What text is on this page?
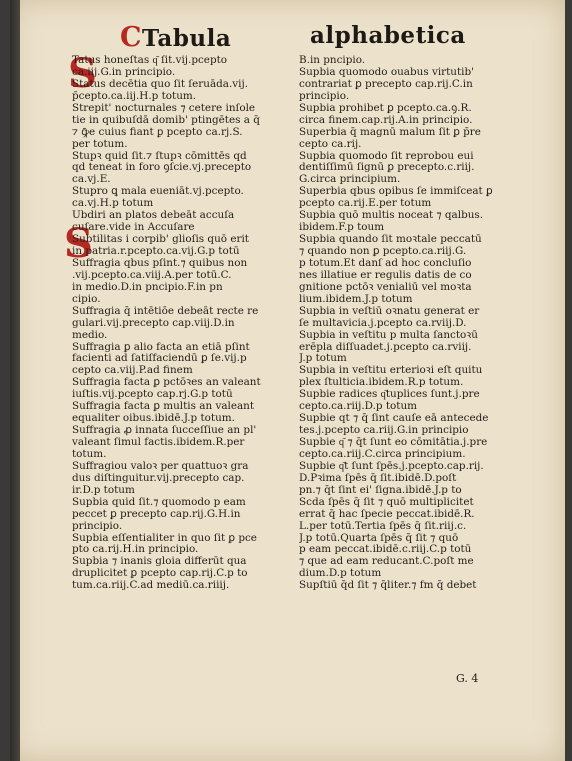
CTabula	alphabetica
S
S
Tatus honeſtas q͂ ſit.vij.pcepto
ca.iij.G.in principio.
Status decētia quo ſit ſeruāda.vij.
p̄cepto.ca.iij.H.p totum.
Strepit' nocturnales ⁊ cetere inſole
tie in quibuſdā domib' ptingētes a q̄
⁊ ꝙ̄e cuius fiant ꝑ pcepto ca.rj.S.
per totum.
Stupꝛ quid ſit.⁊ ſtupꝛ cōmittēs qd
qd teneat in foro ꝯſcie.vj.precepto
ca.vj.E.
Stupro ꝗ mala eueniāt.vj.pcepto.
ca.vj.H.p totum
Ubdiri an platos debeāt accuſa
cuſare.vide in Accuſare
Subtilitas i corpib' glioſis quō erit
in patria.r.pcepto.ca.vij.G.p totū
Suffragia qbus pſint.⁊ quibus non
.vij.pcepto.ca.viij.A.per totū.C.
in medio.D.in pncipio.F.in pn
cipio.
Suffragia q̄ intētiōe debeāt recte re
gulari.vij.precepto cap.viij.D.in
medio.
Suffragia ꝑ alio facta an etiā pſint
facienti ad ſatiſfaciendū ꝑ ſe.vij.p
cepto ca.viij.P.ad finem
Suffragia facta ꝑ pctōꝛes an valeant
iuſtis.vij.pcepto cap.rj.G.p totū
Suffragia facta ꝑ multis an valeant
equaliter oibus.ibidē.J.p totum.
Suffragia ꝓ innata ſucceſſiue an pl'
valeant ſimul factis.ibidem.R.per
totum.
Suffragiou valoꝛ per quattuoꝛ gra
dus diſtinguitur.vij.precepto cap.
ir.D.p totum
Supbia quid ſit.⁊ quomodo p eam
peccet ꝑ precepto cap.rij.G.H.in
principio.
Supbia eſſentialiter in quo ſit ꝑ pce
pto ca.rij.H.in principio.
Supbia ⁊ inanis gloia differūt qua
druplicitet ꝑ pcepto cap.rij.C.p to
tum.ca.riij.C.ad mediū.ca.riiij.
B.in pncipio.
Supbia quomodo ouabus virtutib'
contrariat ꝑ precepto cap.rij.C.in
principio.
Supbia prohibet ꝑ pcepto.ca.ꝯ.R.
circa finem.cap.rij.A.in principio.
Superbia q̄ magnū malum ſit ꝑ p̄re
cepto ca.rij.
Supbia quomodo ſit reprobou eui
dentiſſimū ſignū ꝑ precepto.c.riij.
G.circa principium.
Superbia qbus opibus ſe immiſceat ꝑ
pcepto ca.rij.E.per totum
Supbia quō multis noceat ⁊ qalbus.
ibidem.F.p toum
Supbia quando ſit moꝛtale peccatū
⁊ quando non ꝑ pcepto.ca.riij.G.
p totum.Et danſ ad hoc concluſio
nes illatiue er regulis datis de co
gnitione pctōꝛ venialiū vel moꝛta
lium.ibidem.J.p totum
Supbia in veſtiū oꝛnatu generat er
ſe multavicia.j.pcepto ca.rviij.D.
Supbia in veſtitu p multa ſanctoꝛū
erēpla diſſuadet.j.pcepto ca.rviij.
J.p totum
Supbia in veſtitu erterioꝛi eſt quitu
plex ſtulticia.ibidem.R.p totum.
Supbie radices q͂tuplices ſunt.j.pre
cepto.ca.riij.D.p totum
Supbie qt ⁊ q̄ ſint cauſe eā antecede
tes.j.pcepto ca.riij.G.in principio
Supbie q͂ ⁊ q̄t ſunt eo cōmitātia.j.pre
cepto.ca.riij.C.circa principium.
Supbie q͂t ſunt ſpēs.j.pcepto.cap.rij.
D.Pꝛima ſpēs q̄ ſit.ibidē.D.poſt
pn.⁊ q̄t ſint ei' ſigna.ibidē.J.p to
Scda ſpēs q̄ ſit ⁊ quō multiplicitet
errat q̄ hac ſpecie peccat.ibidē.R.
L.per totū.Tertia ſpēs q̄ ſit.riij.c.
J.p totū.Quarta ſpēs q̄ ſit ⁊ quō
p eam peccat.ibidē.c.riij.C.p totū
⁊ que ad eam reducant.C.poſt me
dium.D.p totum
Supſtiū q̄d ſit ⁊ q̄liter.⁊ fm q̄ debet
G. 4
